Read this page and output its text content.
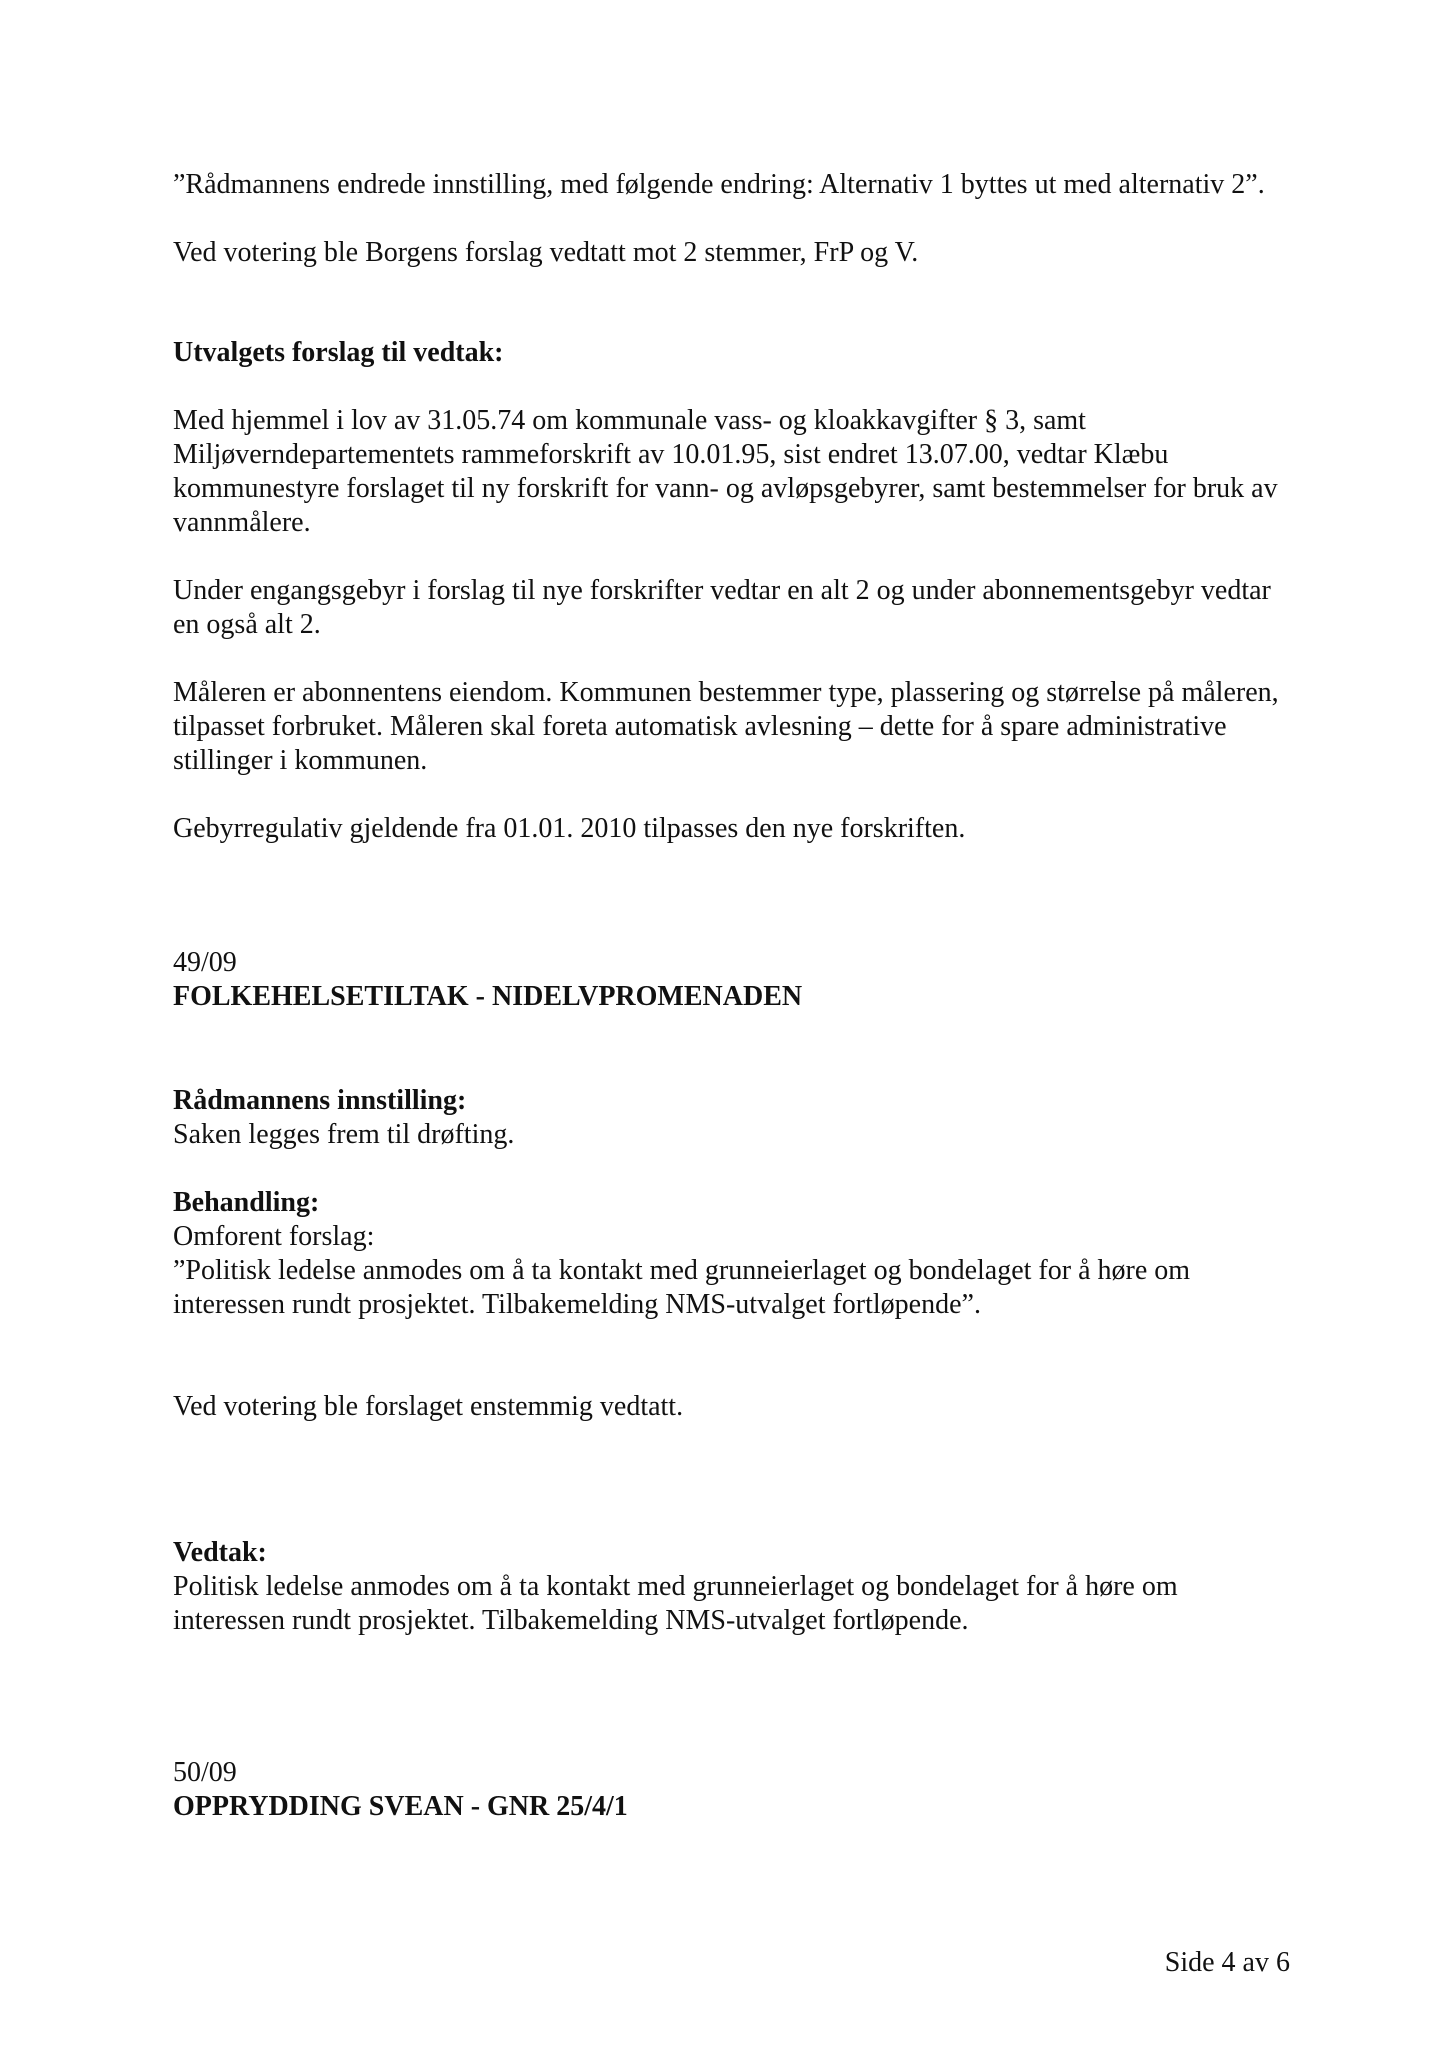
”Rådmannens endrede innstilling, med følgende endring: Alternativ 1 byttes ut med alternativ 2”.

Ved votering ble Borgens forslag vedtatt mot 2 stemmer, FrP og V.

Utvalgets forslag til vedtak:

Med hjemmel i lov av 31.05.74 om kommunale vass- og kloakkavgifter § 3, samt Miljøverndepartementets rammeforskrift av 10.01.95, sist endret 13.07.00, vedtar Klæbu kommunestyre forslaget til ny forskrift for vann- og avløpsgebyrer, samt bestemmelser for bruk av vannmålere.

Under engangsgebyr i forslag til nye forskrifter vedtar en alt 2 og under abonnementsgebyr vedtar en også alt 2.

Måleren er abonnentens eiendom. Kommunen bestemmer type, plassering og størrelse på måleren, tilpasset forbruket. Måleren skal foreta automatisk avlesning – dette for å spare administrative stillinger i kommunen.

Gebyrregulativ gjeldende fra 01.01. 2010 tilpasses den nye forskriften.

49/09

FOLKEHELSETILTAK - NIDELVPROMENADEN

Rådmannens innstilling:

Saken legges frem til drøfting.

Behandling:

Omforent forslag:

”Politisk ledelse anmodes om å ta kontakt med grunneierlaget og bondelaget for å høre om interessen rundt prosjektet. Tilbakemelding NMS-utvalget fortløpende”.

Ved votering ble forslaget enstemmig vedtatt.

Vedtak:

Politisk ledelse anmodes om å ta kontakt med grunneierlaget og bondelaget for å høre om interessen rundt prosjektet. Tilbakemelding NMS-utvalget fortløpende.

50/09

OPPRYDDING SVEAN - GNR 25/4/1

Side 4 av 6
